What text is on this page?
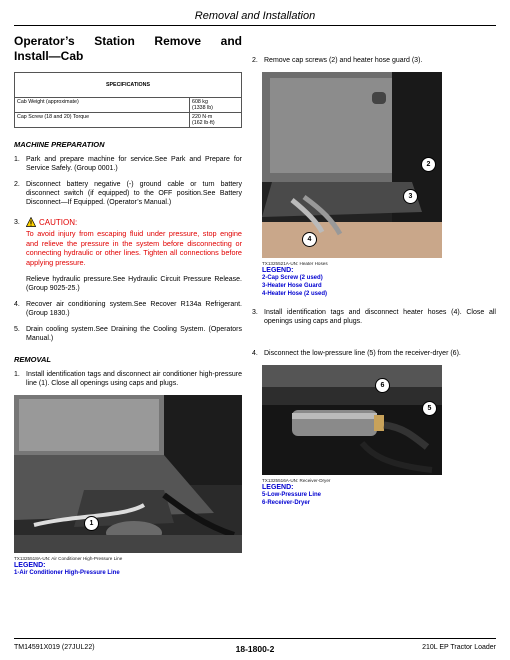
Removal and Installation
Operator’s Station Remove and
Install—Cab
SPECIFICATIONS	
Cab Weight (approximate)	608 kg
(1338 lb)
Cap Screw (18 and 20) Torque	220 N·m
(162 lb·ft)
MACHINE PREPARATION
1. Park and prepare machine for service.See Park and Prepare for Service Safely. (Group 0001.)
2. Disconnect battery negative (-) ground cable or turn battery disconnect switch (if equipped) to the OFF position.See Battery Disconnect—If Equipped. (Operator’s Manual.)
3.	CAUTION:
To avoid injury from escaping fluid under pressure, stop engine and relieve the pressure in the system before disconnecting or connecting hydraulic or other lines. Tighten all connections before applying pressure.
Relieve hydraulic pressure.See Hydraulic Circuit Pressure Release. (Group 9025-25.)
4. Recover air conditioning system.See Recover R134a Refrigerant. (Group 1830.)
5. Drain cooling system.See Draining the Cooling System. (Operators Manual.)
REMOVAL
1. Install identification tags and disconnect air conditioner high-pressure line (1). Close all openings using caps and plugs.
1
TX1325518A-UN: Air Conditioner High-Pressure Line
LEGEND:
1-Air Conditioner High-Pressure Line
2. Remove cap screws (2) and heater hose guard (3).
2
3
4
TX1325521A-UN: Heater Hoses
LEGEND:
2-Cap Screw (2 used)
3-Heater Hose Guard
4-Heater Hose (2 used)
3. Install identification tags and disconnect heater hoses (4). Close all openings using caps and plugs.
4. Disconnect the low-pressure line (5) from the receiver-dryer (6).
6
5
TX1325516A-UN: Receiver-Dryer
LEGEND:
5-Low-Pressure Line
6-Receiver-Dryer
TM14591X019 (27JUL22)	18-1800-2	210L EP Tractor Loader
